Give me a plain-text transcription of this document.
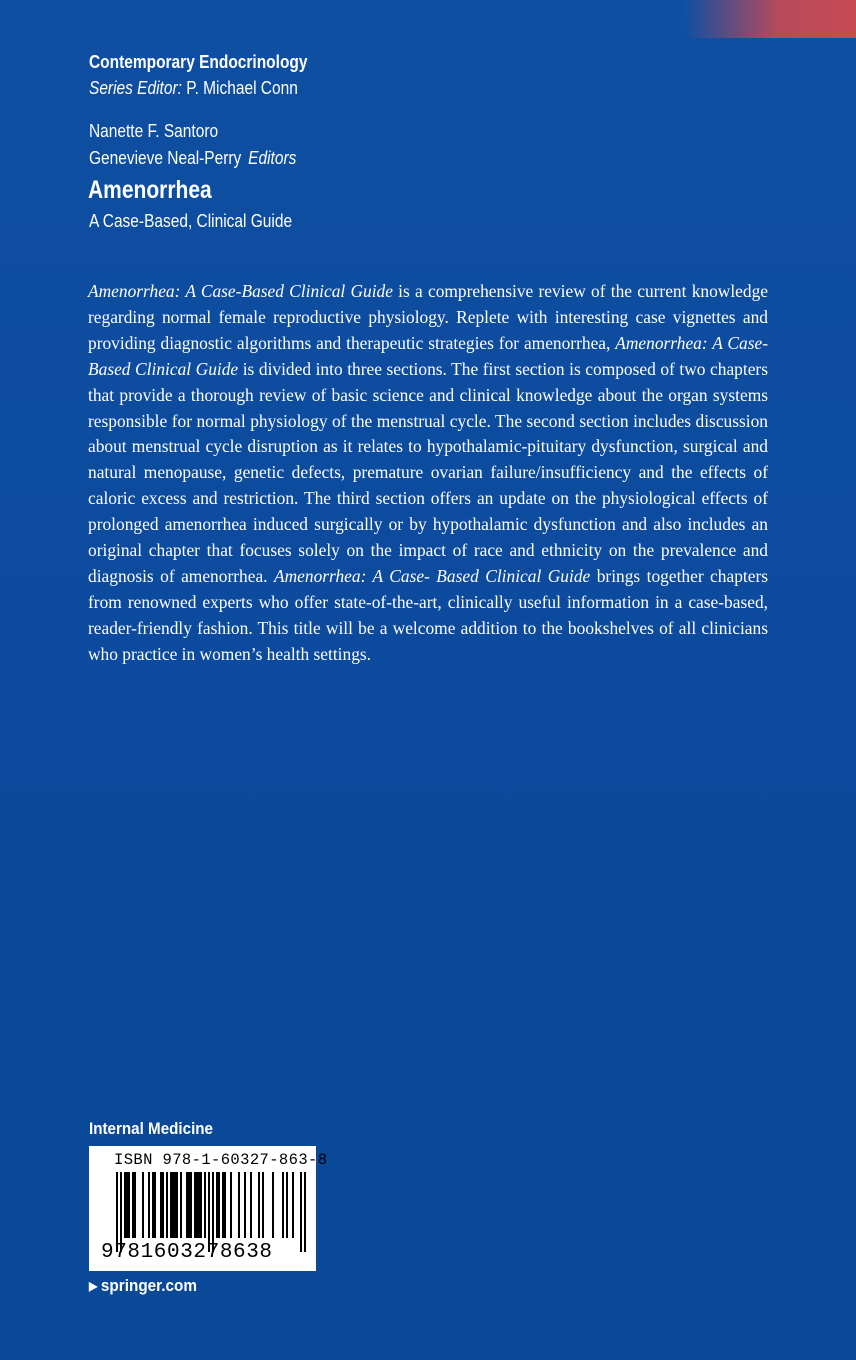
Contemporary Endocrinology
Series Editor: P. Michael Conn
Nanette F. Santoro
Genevieve Neal-Perry Editors
Amenorrhea
A Case-Based, Clinical Guide

Amenorrhea: A Case-Based Clinical Guide is a comprehensive review of the current knowledge regarding normal female reproductive physiology. Replete with interesting case vignettes and providing diagnostic algorithms and therapeutic strategies for amenorrhea, Amenorrhea: A Case-Based Clinical Guide is divided into three sections. The first section is composed of two chapters that provide a thorough review of basic science and clinical knowledge about the organ systems responsible for normal physiology of the menstrual cycle. The second section includes discussion about menstrual cycle disruption as it relates to hypothalamic-pituitary dysfunction, surgical and natural menopause, genetic defects, premature ovarian failure/insufficiency and the effects of caloric excess and restriction. The third section offers an update on the physiological effects of prolonged amenorrhea induced surgically or by hypothalamic dysfunction and also includes an original chapter that focuses solely on the impact of race and ethnicity on the prevalence and diagnosis of amenorrhea. Amenorrhea: A Case- Based Clinical Guide brings together chapters from renowned experts who offer state-of-the-art, clinically useful information in a case-based, reader-friendly fashion. This title will be a welcome addition to the bookshelves of all clinicians who practice in women’s health settings.

Internal Medicine
ISBN 978-1-60327-863-8
9781603278638
▶ springer.com
